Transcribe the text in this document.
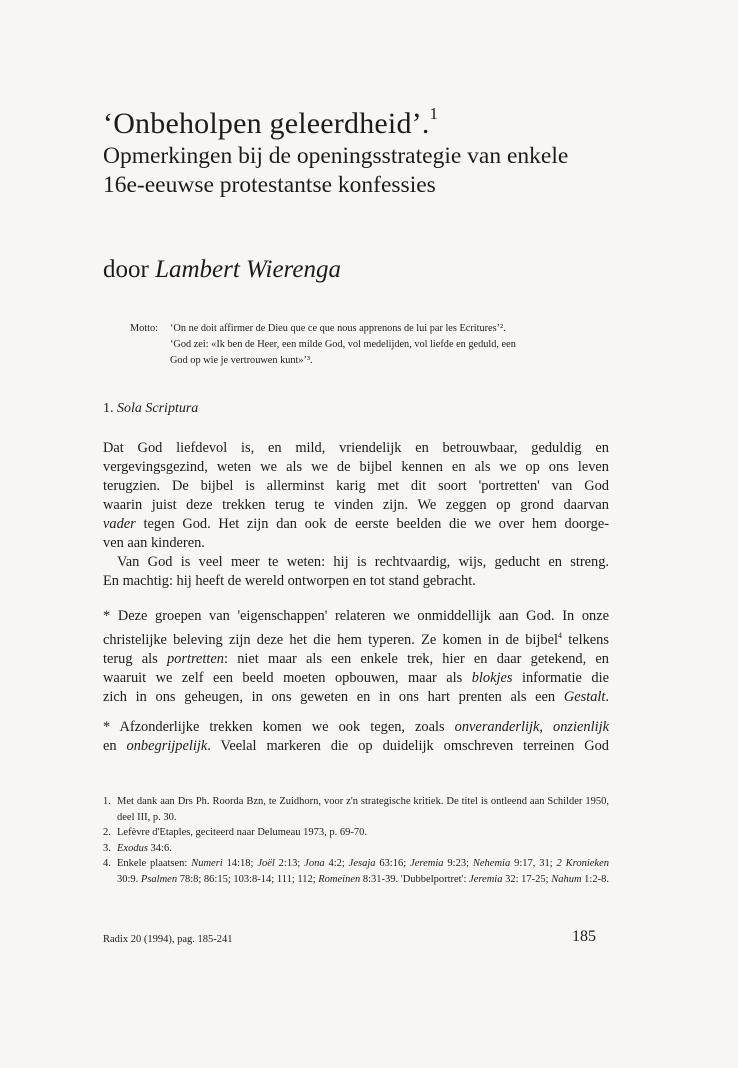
‘Onbeholpen geleerdheid’.$^1$
Opmerkingen bij de openingsstrategie van enkele
16e-eeuwse protestantse konfessies
door Lambert Wierenga
Motto:	‘On ne doit affirmer de Dieu que ce que nous apprenons de lui par les Ecritures’².
‘God zei: «Ik ben de Heer, een milde God, vol medelijden, vol liefde en geduld, een
God op wie je vertrouwen kunt»’³.
1. Sola Scriptura
Dat God liefdevol is, en mild, vriendelijk en betrouwbaar, geduldig en
vergevingsgezind, weten we als we de bijbel kennen en als we op ons leven
terugzien. De bijbel is allerminst karig met dit soort 'portretten' van God
waarin juist deze trekken terug te vinden zijn. We zeggen op grond daarvan
vader tegen God. Het zijn dan ook de eerste beelden die we over hem doorge-
ven aan kinderen.
Van God is veel meer te weten: hij is rechtvaardig, wijs, geducht en streng.
En machtig: hij heeft de wereld ontworpen en tot stand gebracht.
* Deze groepen van 'eigenschappen' relateren we onmiddellijk aan God. In onze
christelijke beleving zijn deze het die hem typeren. Ze komen in de bijbel$^4$ telkens
terug als portretten: niet maar als een enkele trek, hier en daar getekend, en
waaruit we zelf een beeld moeten opbouwen, maar als blokjes informatie die
zich in ons geheugen, in ons geweten en in ons hart prenten als een Gestalt.
* Afzonderlijke trekken komen we ook tegen, zoals onveranderlijk, onzienlijk
en onbegrijpelijk. Veelal markeren die op duidelijk omschreven terreinen God
1. Met dank aan Drs Ph. Roorda Bzn, te Zuidhorn, voor z'n strategische kritiek. De titel is ontleend aan Schilder 1950, deel III, p. 30.
2. Lefèvre d'Etaples, geciteerd naar Delumeau 1973, p. 69-70.
3. Exodus 34:6.
4. Enkele plaatsen: Numeri 14:18; Joël 2:13; Jona 4:2; Jesaja 63:16; Jeremia 9:23; Nehemia 9:17, 31; 2 Kronieken 30:9. Psalmen 78:8; 86:15; 103:8-14; 111; 112; Romeinen 8:31-39. 'Dubbelportret': Jeremia 32: 17-25; Nahum 1:2-8.
Radix 20 (1994), pag. 185-241	185
